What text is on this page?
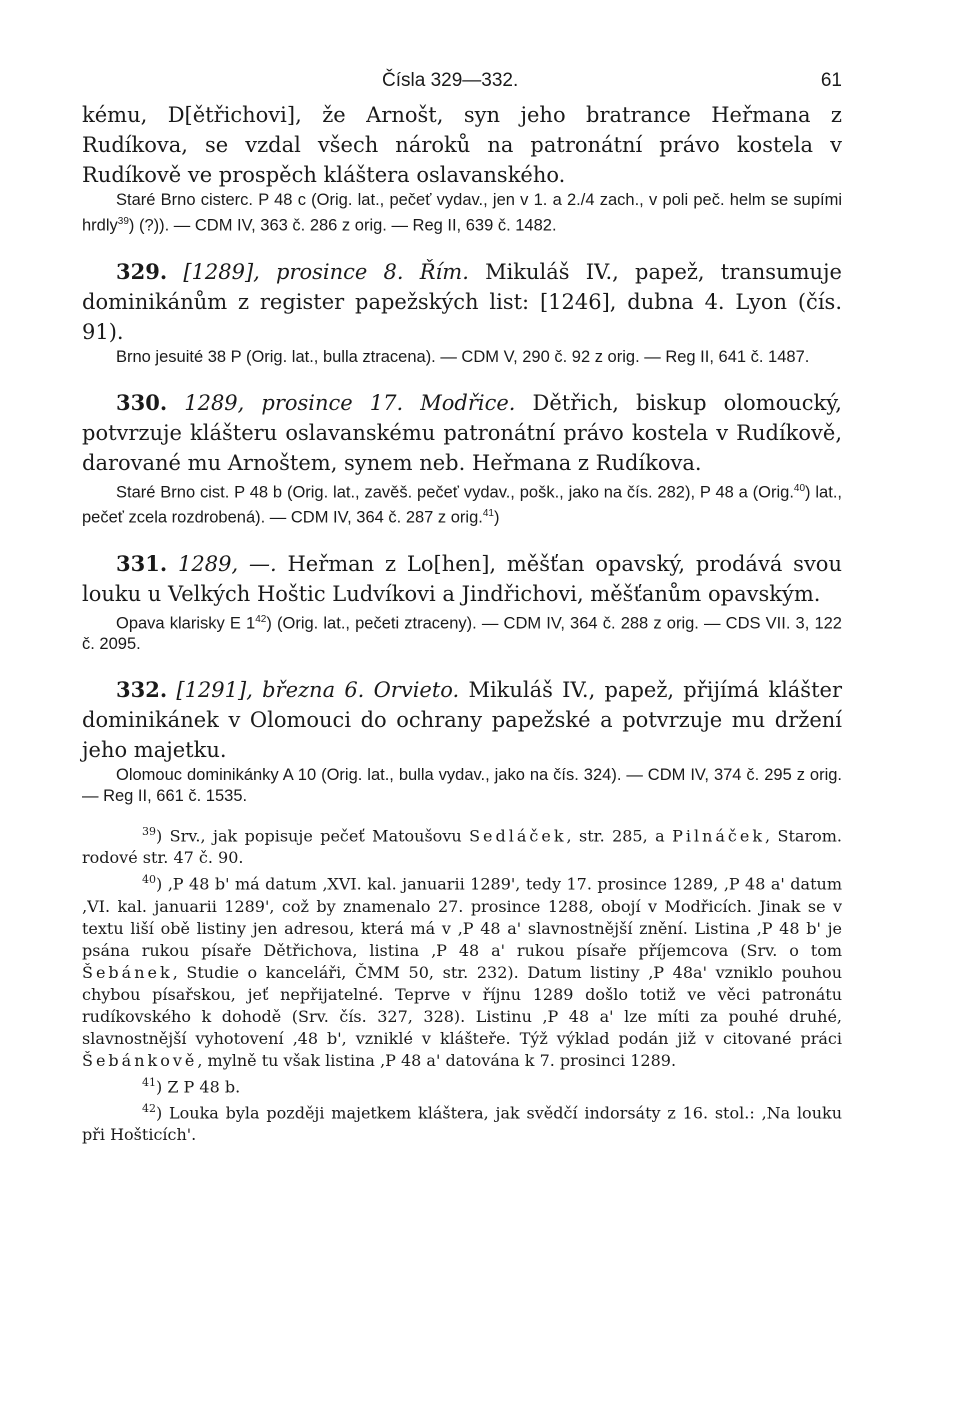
Čísla 329—332.	61

kému, D[ětřichovi], že Arnošt, syn jeho bratrance Heřmana z Rudíkova, se vzdal všech nároků na patronátní právo kostela v Rudíkově ve prospěch kláštera oslavanského.

Staré Brno cisterc. P 48 c (Orig. lat., pečeť vydav., jen v 1. a 2./4 zach., v poli peč. helm se supími hrdly$^{39}$) (?)). — CDM IV, 363 č. 286 z orig. — Reg II, 639 č. 1482.

329. [1289], prosince 8. Řím. Mikuláš IV., papež, transumuje dominikánům z register papežských list: [1246], dubna 4. Lyon (čís. 91).

Brno jesuité 38 P (Orig. lat., bulla ztracena). — CDM V, 290 č. 92 z orig. — Reg II, 641 č. 1487.

330. 1289, prosince 17. Modřice. Dětřich, biskup olomoucký, potvrzuje klášteru oslavanskému patronátní právo kostela v Rudíkově, darované mu Arnoštem, synem neb. Heřmana z Rudíkova.

Staré Brno cist. P 48 b (Orig. lat., zavěš. pečeť vydav., pošk., jako na čís. 282), P 48 a (Orig.$^{40}$) lat., pečeť zcela rozdrobená). — CDM IV, 364 č. 287 z orig.$^{41}$)

331. 1289, —. Heřman z Lo[hen], měšťan opavský, prodává svou louku u Velkých Hoštic Ludvíkovi a Jindřichovi, měšťanům opavským.

Opava klarisky E $1^{42}$) (Orig. lat., pečeti ztraceny). — CDM IV, 364 č. 288 z orig. — CDS VII. 3, 122 č. 2095.

332. [1291], března 6. Orvieto. Mikuláš IV., papež, přijímá klášter dominikánek v Olomouci do ochrany papežské a potvrzuje mu držení jeho majetku.

Olomouc dominikánky A 10 (Orig. lat., bulla vydav., jako na čís. 324). — CDM IV, 374 č. 295 z orig. — Reg II, 661 č. 1535.

$^{39}$) Srv., jak popisuje pečeť Matoušovu Sedláček, str. 285, a Pilnáček, Starom. rodové str. 47 č. 90.

$^{40}$) ‚P 48 b' má datum ‚XVI. kal. januarii 1289', tedy 17. prosince 1289, ‚P 48 a' datum ‚VI. kal. januarii 1289', což by znamenalo 27. prosince 1288, obojí v Modřicích. Jinak se v textu liší obě listiny jen adresou, která má v ‚P 48 a' slavnostnější znění. Listina ‚P 48 b' je psána rukou písaře Dětřichova, listina ‚P 48 a' rukou písaře příjemcova (Srv. o tom Šebánek, Studie o kanceláři, ČMM 50, str. 232). Datum listiny ‚P 48a' vzniklo pouhou chybou písařskou, jeť nepřijatelné. Teprve v říjnu 1289 došlo totiž ve věci patronátu rudíkovského k dohodě (Srv. čís. 327, 328). Listinu ‚P 48 a' lze míti za pouhé druhé, slavnostnější vyhotovení ‚48 b', vzniklé v klášteře. Týž výklad podán již v citované práci Šebánkově, mylně tu však listina ‚P 48 a' datována k 7. prosinci 1289.

$^{41}$) Z P 48 b.

$^{42}$) Louka byla později majetkem kláštera, jak svědčí indorsáty z 16. stol.: ‚Na louku při Hošticích'.
